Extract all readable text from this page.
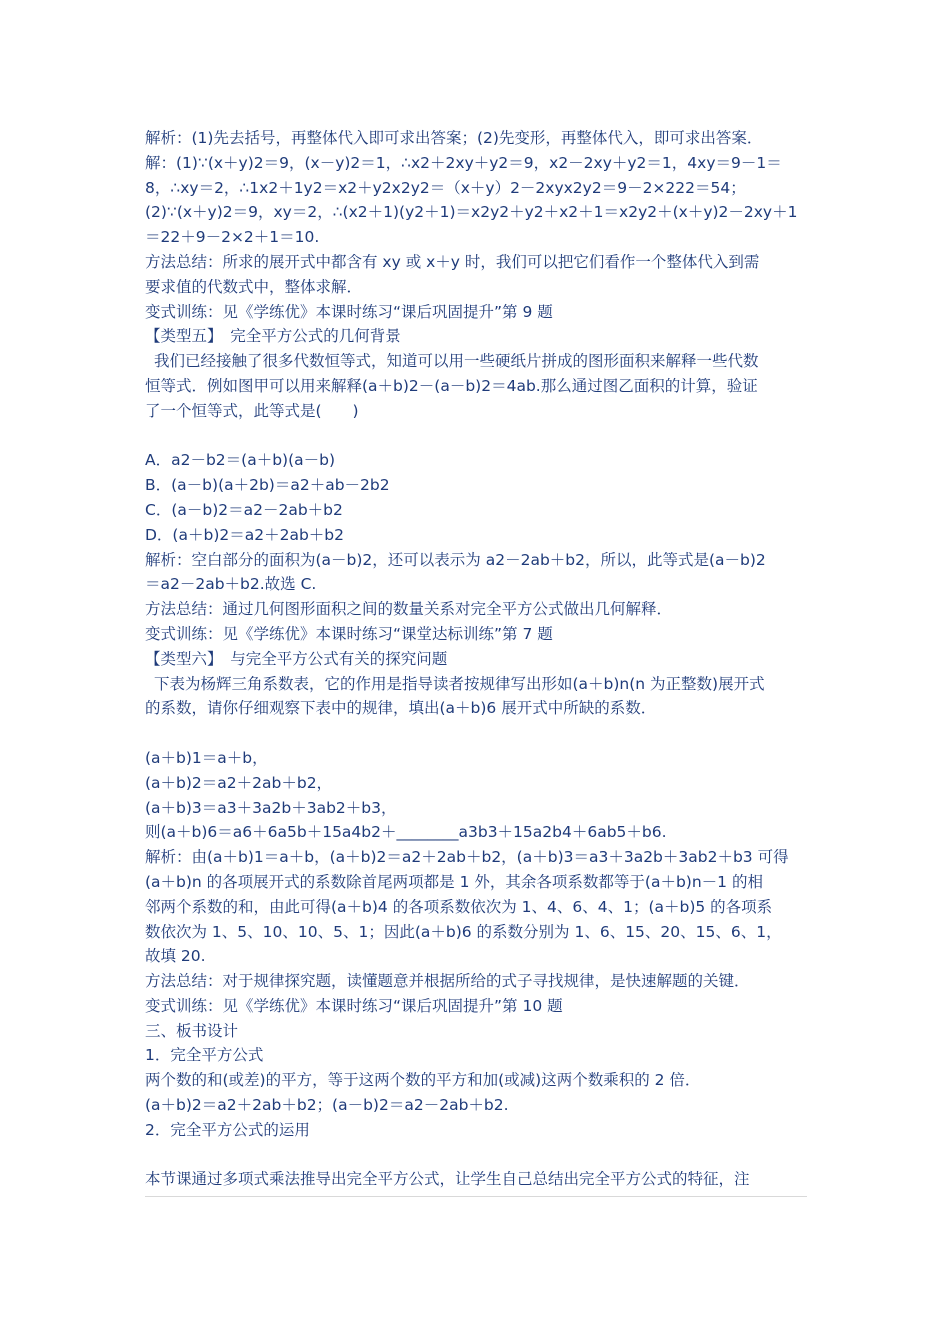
解析：(1)先去括号，再整体代入即可求出答案；(2)先变形，再整体代入，即可求出答案．
解：(1)∵(x＋y)2＝9，(x－y)2＝1，∴x2＋2xy＋y2＝9，x2－2xy＋y2＝1，4xy＝9－1＝
8，∴xy＝2，∴1x2＋1y2＝x2＋y2x2y2＝（x＋y）2－2xyx2y2＝9－2×222＝54；
(2)∵(x＋y)2＝9，xy＝2，∴(x2＋1)(y2＋1)＝x2y2＋y2＋x2＋1＝x2y2＋(x＋y)2－2xy＋1
＝22＋9－2×2＋1＝10.
方法总结：所求的展开式中都含有 xy 或 x＋y 时，我们可以把它们看作一个整体代入到需
要求值的代数式中，整体求解．
变式训练：见《学练优》本课时练习“课后巩固提升”第 9 题
【类型五】　完全平方公式的几何背景
我们已经接触了很多代数恒等式，知道可以用一些硬纸片拼成的图形面积来解释一些代数
恒等式．例如图甲可以用来解释(a＋b)2－(a－b)2＝4ab.那么通过图乙面积的计算，验证
了一个恒等式，此等式是(　　)
A．a2－b2＝(a＋b)(a－b)
B．(a－b)(a＋2b)＝a2＋ab－2b2
C．(a－b)2＝a2－2ab＋b2
D．(a＋b)2＝a2＋2ab＋b2
解析：空白部分的面积为(a－b)2，还可以表示为 a2－2ab＋b2，所以，此等式是(a－b)2
＝a2－2ab＋b2.故选 C.
方法总结：通过几何图形面积之间的数量关系对完全平方公式做出几何解释．
变式训练：见《学练优》本课时练习“课堂达标训练”第 7 题
【类型六】　与完全平方公式有关的探究问题
下表为杨辉三角系数表，它的作用是指导读者按规律写出形如(a＋b)n(n 为正整数)展开式
的系数，请你仔细观察下表中的规律，填出(a＋b)6 展开式中所缺的系数．
(a＋b)1＝a＋b，
(a＋b)2＝a2＋2ab＋b2，
(a＋b)3＝a3＋3a2b＋3ab2＋b3，
则(a＋b)6＝a6＋6a5b＋15a4b2＋________a3b3＋15a2b4＋6ab5＋b6.
解析：由(a＋b)1＝a＋b，(a＋b)2＝a2＋2ab＋b2，(a＋b)3＝a3＋3a2b＋3ab2＋b3 可得
(a＋b)n 的各项展开式的系数除首尾两项都是 1 外，其余各项系数都等于(a＋b)n－1 的相
邻两个系数的和，由此可得(a＋b)4 的各项系数依次为 1、4、6、4、1；(a＋b)5 的各项系
数依次为 1、5、10、10、5、1；因此(a＋b)6 的系数分别为 1、6、15、20、15、6、1，
故填 20.
方法总结：对于规律探究题，读懂题意并根据所给的式子寻找规律，是快速解题的关键．
变式训练：见《学练优》本课时练习“课后巩固提升”第 10 题
三、板书设计
1．完全平方公式
两个数的和(或差)的平方，等于这两个数的平方和加(或减)这两个数乘积的 2 倍．
(a＋b)2＝a2＋2ab＋b2；(a－b)2＝a2－2ab＋b2.
2．完全平方公式的运用
本节课通过多项式乘法推导出完全平方公式，让学生自己总结出完全平方公式的特征，注
